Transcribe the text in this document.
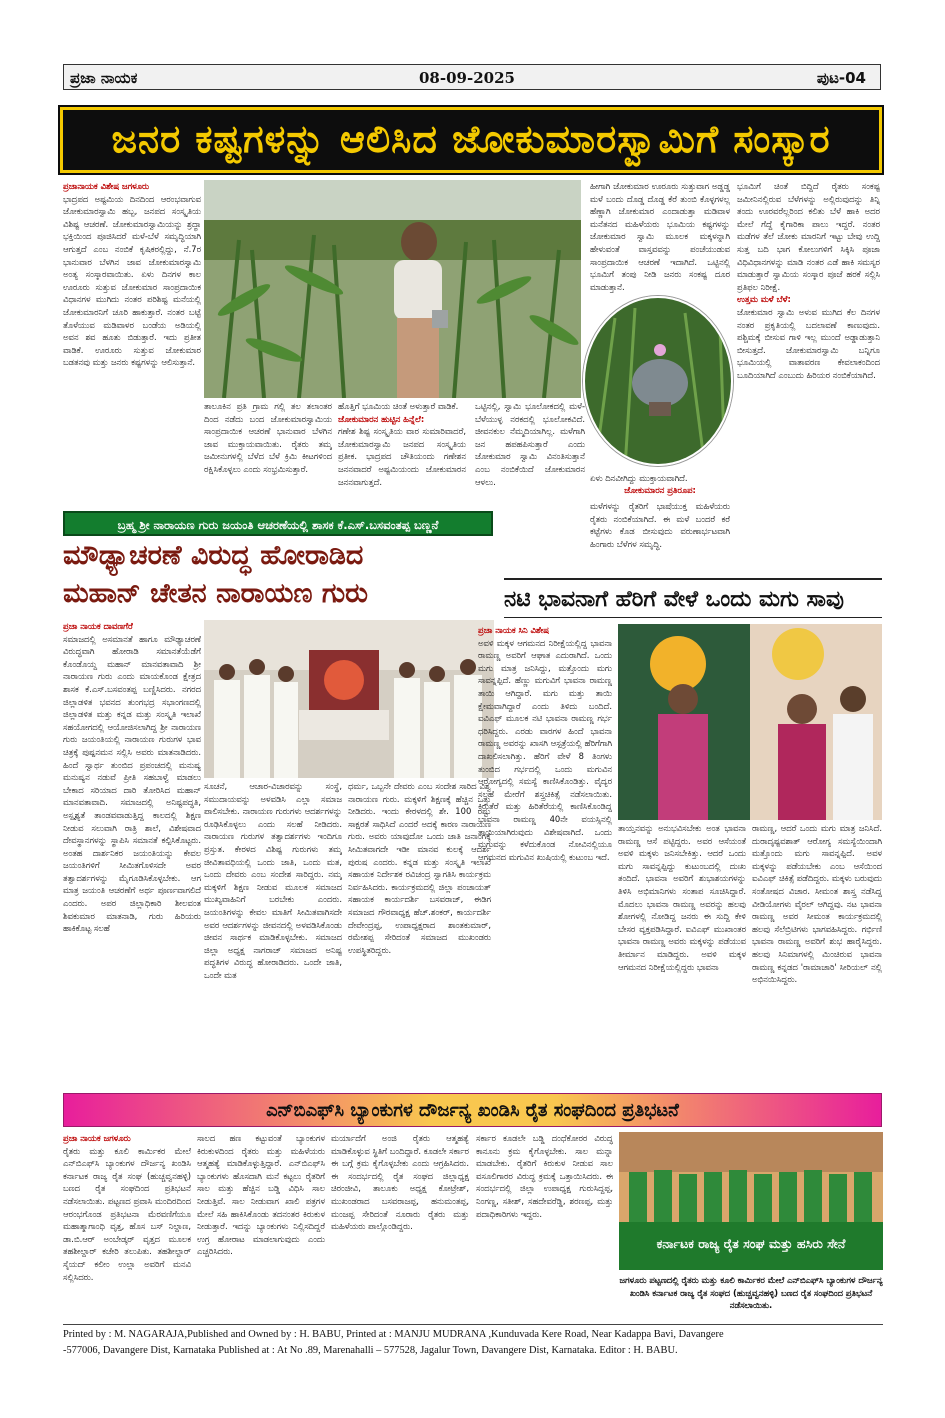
ಪ್ರಜಾ ನಾಯಕ	08-09-2025	ಪುಟ-04
ಜನರ ಕಷ್ಟಗಳನ್ನು ಆಲಿಸಿದ ಜೋಕುಮಾರಸ್ವಾಮಿಗೆ ಸಂಸ್ಕಾರ
ಪ್ರಜಾನಾಯಕ ವಿಶೇಷ ಜಗಳೂರು
ಭಾದ್ರಪದ ಅಷ್ಟಮಿಯ ದಿನದಿಂದ ಆರಂಭವಾಗುವ ಜೋಕುಮಾರಸ್ವಾಮಿ ಹಬ್ಬ, ಜನಪದ ಸಂಸ್ಕೃತಿಯ ವಿಶಿಷ್ಟ ಆಚರಣೆ. ಜೋಕುಮಾರಸ್ವಾಮಿಯನ್ನು ಶ್ರದ್ಧಾ ಭಕ್ತಿಯಿಂದ ಪೂಜಿಸಿದರೆ ಮಳೆ-ಬೆಳೆ ಸಮೃದ್ಧಿಯಾಗಿ ಆಗುತ್ತದೆ ಎಂಬ ನಂಬಿಕೆ ಕೃಷಿಕರಲ್ಲಿದ್ದು, ನೆ.7ರ ಭಾನುವಾರ ಬೆಳಗಿನ ಜಾವ ಜೋಕುಮಾರಸ್ವಾಮಿ ಅಂತ್ಯ ಸಂಸ್ಕಾರವಾಯಿತು. ಏಳು ದಿನಗಳ ಕಾಲ ಊರೂರು ಸುತ್ತುವ ಜೋಕುಮಾರ ಸಾಂಪ್ರದಾಯಿಕ ವಿಧಾನಗಳ ಮುಗಿದು ನಂತರ ಪರಿಶಿಷ್ಟ ಮನೆಯಲ್ಲಿ ಜೋಕುಮಾರನಿಗೆ ಚೂರಿ ಹಾಕುತ್ತಾರೆ. ನಂತರ ಬಟ್ಟೆ ತೊಳೆಯುವ ಮಡಿವಾಳರ ಬಂಡೆಯ ಅಡಿಯಲ್ಲಿ ಅವನ ಶವ ಹೂತು ಬಿಡುತ್ತಾರೆ. ಇದು ಪ್ರತೀತ ವಾಡಿಕೆ. ಊರೂರು ಸುತ್ತುವ ಜೋಕುಮಾರ ಬಡತನವು ಮತ್ತು ಜನರು ಕಷ್ಟಗಳನ್ನು ಆಲಿಸುತ್ತಾನೆ.
ತಾಲೂಕಿನ ಪ್ರತಿ ಗ್ರಾಮ ಗಲ್ಲಿ ತಲ ತಲಾಂತರ ದಿಂದ ನಡೆದು ಬಂದ ಜೋಕುಮಾರಸ್ವಾಮಿಯ ಸಾಂಪ್ರದಾಯಿಕ ಆಚರಣೆ ಭಾನುವಾರ ಬೆಳಗಿನ ಜಾವ ಮುಕ್ತಾಯವಾಯಿತು. ರೈತರು ತಮ್ಮ ಜಮೀನುಗಳಲ್ಲಿ ಬೆಳೆದ ಬೆಳೆ ಕ್ರಿಮಿ ಕೀಟಗಳಿಂದ ರಕ್ಷಿಸಿಕೊಳ್ಳಲು ಎಂದು ಸಂಭ್ರಮಿಸುತ್ತಾರೆ.
ಹೊತ್ತಿಗೆ ಭೂಮಿಯ ಚಿಂತೆ ಅಳುತ್ತಾರೆ ವಾಡಿಕೆ.
ಜೋಕುಮಾರನ ಹುಟ್ಟಿನ ಹಿನ್ನೆಲೆ:
ಗಣೇಶ ಶಿಷ್ಟ ಸಂಸ್ಕೃತಿಯ ವಾರ ಸುಮಾರಿವಾದರೆ, ಜೋಕುಮಾರಸ್ವಾಮಿ ಜನಪದ ಸಂಸ್ಕೃತಿಯ ಪ್ರತೀಕ. ಭಾದ್ರಪದ ಚೌತಿಯಂದು ಗಣೇಶನ ಜನನವಾದರೆ ಅಷ್ಟಮಿಯಂದು ಜೋಕುಮಾರನ ಜನನವಾಗುತ್ತದೆ.
ಒಟ್ಟಿನಲ್ಲಿ, ಸ್ವಾಮಿ ಭೂಲೋಕದಲ್ಲಿ ಮಳೆ-ಬೆಳೆಯುಳ್ಳ ನರಕದಲ್ಲಿ ಭೂಲೋಕವಿದೆ. ಜೀವನಕುಲ ನೆಮ್ಮದಿಯಾಗಿಲ್ಲ. ಮಳೆಗಾಗಿ ಜನ ಹಪಹಪಿಸುತ್ತಾರೆ ಎಂದು ಜೋಕುಮಾರ ಸ್ವಾಮಿ ವಿನಂತಿಸುತ್ತಾನೆ ಎಂಬ ನಂಬಿಕೆಯಿದೆ ಜೋಕುಮಾರನ ಆಳಲು.
ಹೀಗಾಗಿ ಜೋಕುಮಾರ ಊರೂರು ಸುತ್ತುವಾಗ ಅಡ್ಡಡ್ಡ ಮಳೆ ಬಂದು ದೊಡ್ಡ ದೊಡ್ಡ ಕೆರೆ ತುಂಬಿ ಕೊಳ್ಳಗಳಲ್ಲ ಹೆಣ್ಣಾಗಿ ಜೋಕುಮಾರ ಎಂದಾಡುತ್ತಾ ಮಡಿವಾಳ ಮನೆತನದ ಮಹಿಳೆಯರು ಭೂಮಿಯ ಕಷ್ಟಗಳನ್ನು ಜೋಕುಮಾರ ಸ್ವಾಮಿ ಮೂಲಕ ಮಕ್ಕಳನ್ನಾಗಿ ಹೇಳುವಂತೆ ವಾಸ್ತವವನ್ನು ಪಂಚೆಯುಡುವ ಸಾಂಪ್ರದಾಯಿಕ ಆಚರಣೆ ಇದಾಗಿದೆ. ಒಟ್ಟಿನಲ್ಲಿ ಭೂಮಿಗೆ ತಂಪು ನೀಡಿ ಜನರು ಸಂಕಷ್ಟ ದೂರ ಮಾಡುತ್ತಾನೆ.
ಏಳು ದಿನವೀಗಿದ್ದು ಮುಕ್ತಾಯವಾಗಿದೆ.
ಜೋಕುಮಾರನ ಪ್ರತಿರೂಪ:
ಭೂಮಿಗೆ ಚಿಂತೆ ಬಿದ್ದಿದೆ ರೈತರು ಸಂಕಷ್ಟ ಜಮೀನಿನಲ್ಲಿರುವ ಬೆಳೆಗಳನ್ನು ಅಲ್ಲಿರುವುದನ್ನು ತಿನ್ನಿ ತಂದು ಊರವರೆಲ್ಲರಿಂದ ಕಲಿತು ಬೆಳೆ ಹಾಕಿ ಅದರ ಮೇಲೆ ಗೆದ್ದೆ ಕೈಗಾರಿಕಾ ಪಾಲು ಇದ್ದರೆ. ನಂತರ ಮಡೆಗಳ ತೆಲೆ ಜೋಕು ಮಾರನಿಗೆ ಇಟ್ಟು ಬೇವು ಉದ್ದಿ ಸುತ್ತ ಬದಿ ಭಾಗ ಕೋಲುಗಳಿಗೆ ಸಿಕ್ಕಿಸಿ ಪೂಜಾ ವಿಧಿವಿಧಾನಗಳನ್ನು ಮಾಡಿ ನಂತರ ಎಡೆ ಹಾಕಿ ಸಮಸ್ಯರ ಮಾಡುತ್ತಾರೆ ಸ್ವಾಮಿಯ ಸಂಸ್ಕಾರ ಪೂಜೆ ಹರಕೆ ಸಲ್ಲಿಸಿ ಪ್ರತಿಫಲ ನಿರೀಕ್ಷೆ.
ಉತ್ತಮ ಮಳೆ ಬೆಳೆ:
ಜೋಕುಮಾರ ಸ್ವಾಮಿ ಅಳುವ ಮುಗಿದ ಕೆಲ ದಿನಗಳ ನಂತರ ಪ್ರಕೃತಿಯಲ್ಲಿ ಬದಲಾವಣೆ ಕಾಣುವುದು. ಪಶ್ಚಿಮಕ್ಕೆ ಬೀಸುವ ಗಾಳಿ ಇಲ್ಲ ಮುಂದೆ ಅಡ್ಡಾಡುತ್ತಾನಿ ಬೀಸುತ್ತದೆ. ಜೋಕುಮಾರಸ್ವಾಮಿ ಬನ್ನಿಗೂ ಭೂಮಿಯಲ್ಲಿ ವಾತಾವರಣ ಕೇವಲಾಕಂದಿಂದ ಬೂದಿಯಾಗಿದೆ ಎಂಬುದು ಹಿರಿಯರ ನಂಬಿಕೆಯಾಗಿದೆ.
ಬ್ರಹ್ಮ ಶ್ರೀ ನಾರಾಯಣ ಗುರು ಜಯಂತಿ ಆಚರಣೆಯಲ್ಲಿ ಶಾಸಕ ಕೆ.ಎಸ್.ಬಸವಂತಪ್ಪ ಬಣ್ಣನೆ
ಮಳೆಗಳನ್ನು ರೈತರಿಗೆ ಭಾಷೆಯುಕ್ತ ಮಹಿಳೆಯರು ರೈತರು ನಂಬಿಕೆಯಾಗಿದೆ. ಈ ಮಳೆ ಬಂದರೆ ಕರೆ ಕಟ್ಟೆಗಳು ಕೊಡ ಬೀಸುವುದು ವರುಣಾರ್ಭಟವಾಗಿ ಹಿಂಗಾರು ಬೆಳೆಗಳ ಸಮೃದ್ಧಿ.
ಮೌಢ್ಯಾಚರಣೆ ವಿರುದ್ಧ ಹೋರಾಡಿದ
ಮಹಾನ್ ಚೇತನ ನಾರಾಯಣ ಗುರು
ಪ್ರಜಾ ನಾಯಕ ದಾವಣಗೆರೆ
ಸಮಾಜದಲ್ಲಿ ಅಸಮಾನತೆ ಹಾಗೂ ಮೌಢ್ಯಾಚರಣೆ ವಿರುದ್ಧವಾಗಿ ಹೋರಾಡಿ ಸಮಾನತೆಯೆಡೆಗೆ ಕೊಂಡೊಯ್ದ ಮಹಾನ್ ಮಾನವತಾವಾದಿ ಶ್ರೀ ನಾರಾಯಣ ಗುರು ಎಂದು ಮಾಯಕೊಂಡ ಕ್ಷೇತ್ರದ ಶಾಸಕ ಕೆ.ಎಸ್.ಬಸವಂತಪ್ಪ ಬಣ್ಣಿಸಿದರು. ನಗರದ ಜಿಲ್ಲಾಡಳಿತ ಭವನದ ತುಂಗಭದ್ರ ಸಭಾಂಗಣದಲ್ಲಿ ಜಿಲ್ಲಾಡಳಿತ ಮತ್ತು ಕನ್ನಡ ಮತ್ತು ಸಂಸ್ಕೃತಿ ಇಲಾಖೆ ಸಹಯೋಗದಲ್ಲಿ ಆಯೋಜಿಸಲಾಗಿದ್ದ ಶ್ರೀ ನಾರಾಯಣ ಗುರು ಜಯಂತಿಯಲ್ಲಿ ನಾರಾಯಣ ಗುರುಗಳ ಭಾವ ಚಿತ್ರಕ್ಕೆ ಪುಷ್ಪನಮನ ಸಲ್ಲಿಸಿ ಅವರು ಮಾತನಾಡಿದರು. ಹಿಂದೆ ಸ್ವಾರ್ಥ ತುಂಬಿದ ಪ್ರಪಂಚದಲ್ಲಿ ಮನುಷ್ಯ ಮನುಷ್ಯನ ನಡುವೆ ಪ್ರೀತಿ ಸಹಬಾಳ್ವೆ ಮಾಡಲು ಬೇಕಾದ ಸರಿಯಾದ ದಾರಿ ತೋರಿಸಿದ ಮಹಾನ್ ಮಾನವತಾವಾದಿ. ಸಮಾಜದಲ್ಲಿ ಅನಿಷ್ಟಪದ್ಧತಿ, ಅಸ್ಪೃಶ್ಯತೆ ತಾಂಡವವಾಡುತ್ತಿದ್ದ ಕಾಲದಲ್ಲಿ ಶಿಕ್ಷಣ ನೀಡುವ ಸಲುವಾಗಿ ರಾತ್ರಿ ಶಾಲೆ, ವಿಶೇಷವಾದ ದೇವಸ್ಥಾನಗಳನ್ನು ಸ್ಥಾಪಿಸಿ ಸಮಾನತೆ ಕಲ್ಪಿಸಿಕೊಟ್ಟರು. ಅಂತಹ ದಾರ್ಶನಿಕರ ಜಯಂತಿಯನ್ನು ಕೇವಲ ಜಯಂತಿಗಳಿಗೆ ಸೀಮಿತಗೊಳಿಸದೇ ಅವರ ತತ್ವಾದರ್ಶಗಳನ್ನು ಮೈಗೂಡಿಸಿಕೊಳ್ಳಬೇಕು. ಆಗ ಮಾತ್ರ ಜಯಂತಿ ಆಚರಣೆಗೆ ಅರ್ಥ ಪೂರ್ಣವಾಗಲಿದೆ ಎಂದರು. ಅಪರ ಜಿಲ್ಲಾಧಿಕಾರಿ ಶೀಲವಂತ ಶಿವಕುಮಾರ ಮಾತನಾಡಿ, ಗುರು ಹಿರಿಯರು ಹಾಕಿಕೊಟ್ಟ ಸಲಹೆ
ಸೂಚನೆ, ಆಚಾರ-ವಿಚಾರವನ್ನು ಸಂಸ್ಥೆ, ಸಮುದಾಯವನ್ನು ಅಳವಡಿಸಿ ಎಲ್ಲಾ ಸಮಾಜ ಪಾಲಿಸಬೇಕು. ನಾರಾಯಣ ಗುರುಗಳು ಆದರ್ಶಗಳನ್ನು ರೂಢಿಸಿಕೊಳ್ಳಲು ಎಂದು ಸಲಹೆ ನೀಡಿದರು. ನಾರಾಯಣ ಗುರುಗಳ ತತ್ವಾದರ್ಶಗಳು ಇಂದಿಗೂ ಪ್ರಸ್ತುತ. ಕೇರಳದ ವಿಶಿಷ್ಟ ಗುರುಗಳು ತಮ್ಮ ಜೀವಿತಾವಧಿಯಲ್ಲಿ ಒಂದು ಜಾತಿ, ಒಂದು ಮತ, ಒಂದು ದೇವರು ಎಂಬ ಸಂದೇಶ ಸಾರಿದ್ದರು. ನಮ್ಮ ಮಕ್ಕಳಿಗೆ ಶಿಕ್ಷಣ ನೀಡುವ ಮೂಲಕ ಸಮಾಜದ ಮುಖ್ಯವಾಹಿನಿಗೆ ಬರಬೇಕು ಎಂದರು. ಜಯಂತಿಗಳನ್ನು ಕೇವಲ ಮಾತಿಗೆ ಸೀಮಿತವಾಗಿಸದೇ ಅವರ ಆದರ್ಶಗಳನ್ನು ಜೀವನದಲ್ಲಿ ಅಳವಡಿಸಿಕೊಂಡು ಜೀವನ ಸಾರ್ಥಕ ಮಾಡಿಕೊಳ್ಳಬೇಕು. ಸಮಾಜದ ಜಿಲ್ಲಾ ಅಧ್ಯಕ್ಷ ನಾಗರಾಜ್ ಸಮಾಜದ ಅನಿಷ್ಟ ಪದ್ಧತಿಗಳ ವಿರುದ್ಧ ಹೋರಾಡಿದರು. ಒಂದೇ ಜಾತಿ, ಒಂದೇ ಮತ
ಧರ್ಮ, ಒಬ್ಬನೇ ದೇವರು ಎಂಬ ಸಂದೇಶ ಸಾರಿದ ವಿಶ್ವ ನಾರಾಯಣ ಗುರು. ಮಕ್ಕಳಿಗೆ ಶಿಕ್ಷಣಕ್ಕೆ ಹೆಚ್ಚಿನ ಒತ್ತು ನೀಡಿದರು. ಇಂದು ಕೇರಳದಲ್ಲಿ ಶೇ. 100 ರಷ್ಟು ಸಾಕ್ಷರತೆ ಸಾಧಿಸಿದೆ ಎಂದರೆ ಅದಕ್ಕೆ ಕಾರಣ ನಾರಾಯಣ ಗುರು. ಅವರು ಯಾವುದೋ ಒಂದು ಜಾತಿ ಜನಾಂಗಕ್ಕೆ ಸೀಮಿತವಾಗದೇ ಇಡೀ ಮಾನವ ಕುಲಕ್ಕೆ ಆದರ್ಶ ಪುರುಷ ಎಂದರು. ಕನ್ನಡ ಮತ್ತು ಸಂಸ್ಕೃತಿ ಇಲಾಖೆ ಸಹಾಯಕ ನಿರ್ದೇಶಕ ರವಿಚಂದ್ರ ಸ್ವಾಗತಿಸಿ ಕಾರ್ಯಕ್ರಮ ನಿರ್ವಹಿಸಿದರು. ಕಾರ್ಯಕ್ರಮದಲ್ಲಿ ಜಿಲ್ಲಾ ಪಂಚಾಯತ್ ಸಹಾಯಕ ಕಾರ್ಯದರ್ಶಿ ಬಸವರಾಜ್, ಈಡಿಗ ಸಮಾಜದ ಗೌರವಾಧ್ಯಕ್ಷ ಹೆಚ್.ಶಂಕರ್, ಕಾರ್ಯದರ್ಶಿ ದೇವೇಂದ್ರಪ್ಪ, ಉಪಾಧ್ಯಕ್ಷರಾದ ಶಾಂತಕುಮಾರ್, ರಮೇಶಪ್ಪ ಸೇರಿದಂತೆ ಸಮಾಜದ ಮುಖಂಡರು ಉಪಸ್ಥಿತರಿದ್ದರು.
ನಟಿ ಭಾವನಾಗೆ ಹೆರಿಗೆ ವೇಳೆ ಒಂದು ಮಗು ಸಾವು
ಪ್ರಜಾ ನಾಯಕ ಸಿನಿ ವಿಶೇಷ
ಅವಳಿ ಮಕ್ಕಳ ಆಗಮನದ ನಿರೀಕ್ಷೆಯಲ್ಲಿದ್ದ ಭಾವನಾ ರಾಮಣ್ಣ ಅವರಿಗೆ ಆಘಾತ ಎದುರಾಗಿದೆ. ಒಂದು ಮಗು ಮಾತ್ರ ಜನಿಸಿದ್ದು, ಮತ್ತೊಂದು ಮಗು ಸಾವನ್ನಪ್ಪಿದೆ. ಹೆಣ್ಣು ಮಗುವಿಗೆ ಭಾವನಾ ರಾಮಣ್ಣ ತಾಯಿ ಆಗಿದ್ದಾರೆ. ಮಗು ಮತ್ತು ತಾಯಿ ಕ್ಷೇಮವಾಗಿದ್ದಾರೆ ಎಂದು ತಿಳಿದು ಬಂದಿದೆ. ಐವಿಎಫ್ ಮೂಲಕ ನಟಿ ಭಾವನಾ ರಾಮಣ್ಣ ಗರ್ಭ ಧರಿಸಿದ್ದರು. ಎರಡು ವಾರಗಳ ಹಿಂದೆ ಭಾವನಾ ರಾಮಣ್ಣ ಅವರನ್ನು ಖಾಸಗಿ ಆಸ್ಪತ್ರೆಯಲ್ಲಿ ಹೆರಿಗೆಗಾಗಿ ದಾಖಲಿಸಲಾಗಿತ್ತು. ಹೆರಿಗೆ ವೇಳೆ 8 ತಿಂಗಳು ತುಂಬಿದ ಗರ್ಭದಲ್ಲಿ ಒಂದು ಮಗುವಿನ ಆರೋಗ್ಯದಲ್ಲಿ ಸಮಸ್ಯೆ ಕಾಣಿಸಿಕೊಂಡಿತ್ತು. ವೈದ್ಯರ ಸಲಹೆ ಮೇರೆಗೆ ಶಸ್ತ್ರಚಿಕಿತ್ಸೆ ನಡೆಸಲಾಯಿತು. ಕಿರುತೆರೆ ಮತ್ತು ಹಿರಿತೆರೆಯಲ್ಲಿ ಕಾಣಿಸಿಕೊಂಡಿದ್ದ ಭಾವನಾ ರಾಮಣ್ಣ 40ನೇ ವಯಸ್ಸಿನಲ್ಲಿ ತಾಯಿಯಾಗಿರುವುದು ವಿಶೇಷವಾಗಿದೆ. ಒಂದು ಮಗುವನ್ನು ಕಳೆದುಕೊಂಡ ನೋವಿನಲ್ಲಿಯೂ ಆಗಮನದ ಮಗುವಿನ ಖುಷಿಯಲ್ಲಿ ಕುಟುಂಬ ಇದೆ.
ತಾಯ್ತನವನ್ನು ಅನುಭವಿಸಬೇಕು ಅಂತ ಭಾವನಾ ರಾಮಣ್ಣ ಆಸೆ ಪಟ್ಟಿದ್ದರು. ಅವರ ಆಸೆಯಂತೆ ಅವಳಿ ಮಕ್ಕಳು ಜನಿಸಬೇಕಿತ್ತು. ಆದರೆ ಒಂದು ಮಗು ಸಾವನ್ನಪ್ಪಿದ್ದು ಕುಟುಂಬದಲ್ಲಿ ದುಃಖ ತಂದಿದೆ. ಭಾವನಾ ಅವರಿಗೆ ಶುಭಾಶಯಗಳನ್ನು ತಿಳಿಸಿ ಅಭಿಮಾನಿಗಳು ಸಂತಾಪ ಸೂಚಿಸಿದ್ದಾರೆ. ಮೊದಲು ಭಾವನಾ ರಾಮಣ್ಣ ಅವರನ್ನು ಹಲವು ಶೋಗಳಲ್ಲಿ ನೋಡಿದ್ದ ಜನರು ಈ ಸುದ್ದಿ ಕೇಳಿ ಬೇಸರ ವ್ಯಕ್ತಪಡಿಸಿದ್ದಾರೆ. ಐವಿಎಫ್ ಮುಖಾಂತರ ಭಾವನಾ ರಾಮಣ್ಣ ಅವರು ಮಕ್ಕಳನ್ನು ಪಡೆಯುವ ತೀರ್ಮಾನ ಮಾಡಿದ್ದರು. ಅವಳಿ ಮಕ್ಕಳ ಆಗಮನದ ನಿರೀಕ್ಷೆಯಲ್ಲಿದ್ದರು ಭಾವನಾ
ರಾಮಣ್ಣ, ಆದರೆ ಒಂದು ಮಗು ಮಾತ್ರ ಜನಿಸಿದೆ. ದುರಾದೃಷ್ಟವಶಾತ್ ಆರೋಗ್ಯ ಸಮಸ್ಯೆಯಿಂದಾಗಿ ಮತ್ತೊಂದು ಮಗು ಸಾವನ್ನಪ್ಪಿದೆ. ಅವಳ ಮಕ್ಕಳನ್ನು ಪಡೆಯಬೇಕು ಎಂಬ ಆಸೆಯಿಂದ ಐವಿಎಫ್ ಚಿಕಿತ್ಸೆ ಪಡೆದಿದ್ದರು. ಮಕ್ಕಳು ಬರುವುದು ಸಂತೋಷದ ವಿಚಾರ. ಸೀಮಂತ ಶಾಸ್ತ್ರ ನಡೆಸಿದ್ದ ವೀಡಿಯೋಗಳು ವೈರಲ್ ಆಗಿದ್ದವು. ನಟ ಭಾವನಾ ರಾಮಣ್ಣ ಅವರ ಸೀಮಂತ ಕಾರ್ಯಕ್ರಮದಲ್ಲಿ ಹಲವು ಸೆಲೆಬ್ರಿಟಿಗಳು ಭಾಗವಹಿಸಿದ್ದರು. ಗರ್ಭಿಣಿ ಭಾವನಾ ರಾಮಣ್ಣ ಅವರಿಗೆ ಶುಭ ಹಾರೈಸಿದ್ದರು. ಹಲವು ಸಿನಿಮಾಗಳಲ್ಲಿ ಮಿಂಚಿರುವ ಭಾವನಾ ರಾಮಣ್ಣ ಕನ್ನಡದ 'ರಾಮಾಚಾರಿ' ಸೀರಿಯಲ್ ನಲ್ಲಿ ಅಭಿನಯಿಸಿದ್ದರು.
ಎನ್‌ಬಿಎಫ್‌ಸಿ ಬ್ಯಾಂಕುಗಳ ದೌರ್ಜನ್ಯ ಖಂಡಿಸಿ ರೈತ ಸಂಘದಿಂದ ಪ್ರತಿಭಟನೆ
ಪ್ರಜಾ ನಾಯಕ ಜಗಳೂರು
ರೈತರು ಮತ್ತು ಕೂಲಿ ಕಾರ್ಮಿಕರ ಮೇಲೆ ಎನ್‌ಬಿಎಫ್‌ಸಿ ಬ್ಯಾಂಕುಗಳ ದೌರ್ಜನ್ಯ ಖಂಡಿಸಿ ಕರ್ನಾಟಕ ರಾಜ್ಯ ರೈತ ಸಂಘ (ಹುಚ್ಚವ್ವನಹಳ್ಳಿ) ಬಣದ ರೈತ ಸಂಘದಿಂದ ಪ್ರತಿಭಟನೆ ನಡೆಸಲಾಯಿತು. ಪಟ್ಟಣದ ಪ್ರವಾಸಿ ಮಂದಿರದಿಂದ ಆರಂಭಗೊಂಡ ಪ್ರತಿಭಟನಾ ಮೆರವಣಿಗೆಯೂ ಮಹಾತ್ಮಾಗಾಂಧಿ ವೃತ್ತ, ಹೊಸ ಬಸ್ ನಿಲ್ದಾಣ, ಡಾ.ಬಿ.ಆರ್ ಅಂಬೇಡ್ಕರ್ ವೃತ್ತದ ಮೂಲಕ ತಹಶೀಲ್ದಾರ್ ಕಚೇರಿ ತಲುಪಿತು. ತಹಶೀಲ್ದಾರ್ ಸೈಯದ್ ಕಲೀಂ ಉಲ್ಲಾ ಅವರಿಗೆ ಮನವಿ ಸಲ್ಲಿಸಿದರು.
ಸಾಲದ ಹಣ ಕಟ್ಟುವಂತೆ ಬ್ಯಾಂಕುಗಳ ಕಿರುಕುಳದಿಂದ ರೈತರು ಮತ್ತು ಮಹಿಳೆಯರು ಆತ್ಮಹತ್ಯೆ ಮಾಡಿಕೊಳ್ಳುತ್ತಿದ್ದಾರೆ. ಎನ್‌ಬಿಎಫ್‌ಸಿ ಬ್ಯಾಂಕುಗಳು ಹೊಸದಾಗಿ ಮನೆ ಕಟ್ಟಲು ರೈತರಿಗೆ ಸಾಲ ಮತ್ತು ಹೆಚ್ಚಿನ ಬಡ್ಡಿ ವಿಧಿಸಿ ಸಾಲ ನೀಡುತ್ತಿವೆ. ಸಾಲ ನೀಡುವಾಗ ಖಾಲಿ ಪತ್ರಗಳ ಮೇಲೆ ಸಹಿ ಹಾಕಿಸಿಕೊಂಡು ತದನಂತರ ಕಿರುಕುಳ ನೀಡುತ್ತಾರೆ. ಇದನ್ನು ಬ್ಯಾಂಕುಗಳು ನಿಲ್ಲಿಸದಿದ್ದರೆ ಉಗ್ರ ಹೋರಾಟ ಮಾಡಲಾಗುವುದು ಎಂದು ಎಚ್ಚರಿಸಿದರು.
ಮರ್ಯಾದೆಗೆ ಅಂಜಿ ರೈತರು ಆತ್ಮಹತ್ಯೆ ಮಾಡಿಕೊಳ್ಳುವ ಸ್ಥಿತಿಗೆ ಬಂದಿದ್ದಾರೆ. ಕೂಡಲೇ ಸರ್ಕಾರ ಈ ಬಗ್ಗೆ ಕ್ರಮ ಕೈಗೊಳ್ಳಬೇಕು ಎಂದು ಆಗ್ರಹಿಸಿದರು. ಈ ಸಂದರ್ಭದಲ್ಲಿ ರೈತ ಸಂಘದ ಜಿಲ್ಲಾಧ್ಯಕ್ಷ ಚಿರಂಜೀವಿ, ತಾಲೂಕು ಅಧ್ಯಕ್ಷ ಕೋಟ್ರೇಶ್, ಮುಖಂಡರಾದ ಬಸವರಾಜಪ್ಪ, ಹನುಮಂತಪ್ಪ, ಮಂಜಪ್ಪ ಸೇರಿದಂತೆ ನೂರಾರು ರೈತರು ಮತ್ತು ಮಹಿಳೆಯರು ಪಾಲ್ಗೊಂಡಿದ್ದರು.
ಸರ್ಕಾರ ಕೂಡಲೇ ಬಡ್ಡಿ ದಂಧೆಕೋರರ ವಿರುದ್ಧ ಕಾನೂನು ಕ್ರಮ ಕೈಗೊಳ್ಳಬೇಕು. ಸಾಲ ಮನ್ನಾ ಮಾಡಬೇಕು. ರೈತರಿಗೆ ಕಿರುಕುಳ ನೀಡುವ ಸಾಲ ವಸೂಲಿಗಾರರ ವಿರುದ್ಧ ಕ್ರಮಕ್ಕೆ ಒತ್ತಾಯಿಸಿದರು. ಈ ಸಂದರ್ಭದಲ್ಲಿ ಜಿಲ್ಲಾ ಉಪಾಧ್ಯಕ್ಷ ಗುರುಸಿದ್ದಪ್ಪ, ನಿಂಗಣ್ಣ, ಸತೀಶ್, ಸಹದೇವರೆಡ್ಡಿ, ಶರಣಪ್ಪ, ಮತ್ತು ಪದಾಧಿಕಾರಿಗಳು ಇದ್ದರು.
ಕರ್ನಾಟಕ ರಾಜ್ಯ ರೈತ ಸಂಘ ಮತ್ತು ಹಸಿರು ಸೇನೆ
ಜಗಳೂರು ಪಟ್ಟಣದಲ್ಲಿ ರೈತರು ಮತ್ತು ಕೂಲಿ ಕಾರ್ಮಿಕರ ಮೇಲೆ ಎನ್‌ಬಿಎಫ್‌ಸಿ ಬ್ಯಾಂಕುಗಳ ದೌರ್ಜನ್ಯ ಖಂಡಿಸಿ ಕರ್ನಾಟಕ ರಾಜ್ಯ ರೈತ ಸಂಘದ (ಹುಚ್ಚವ್ವನಹಳ್ಳಿ) ಬಣದ ರೈತ ಸಂಘದಿಂದ ಪ್ರತಿಭಟನೆ ನಡೆಸಲಾಯಿತು.
Printed by : M. NAGARAJA,Published and Owned by : H. BABU, Printed at : MANJU MUDRANA ,Kunduvada Kere Road, Near Kadappa Bavi, Davangere
-577006, Davangere Dist, Karnataka Published at : At No .89, Marenahalli – 577528, Jagalur Town, Davangere Dist, Karnataka. Editor : H. BABU.
